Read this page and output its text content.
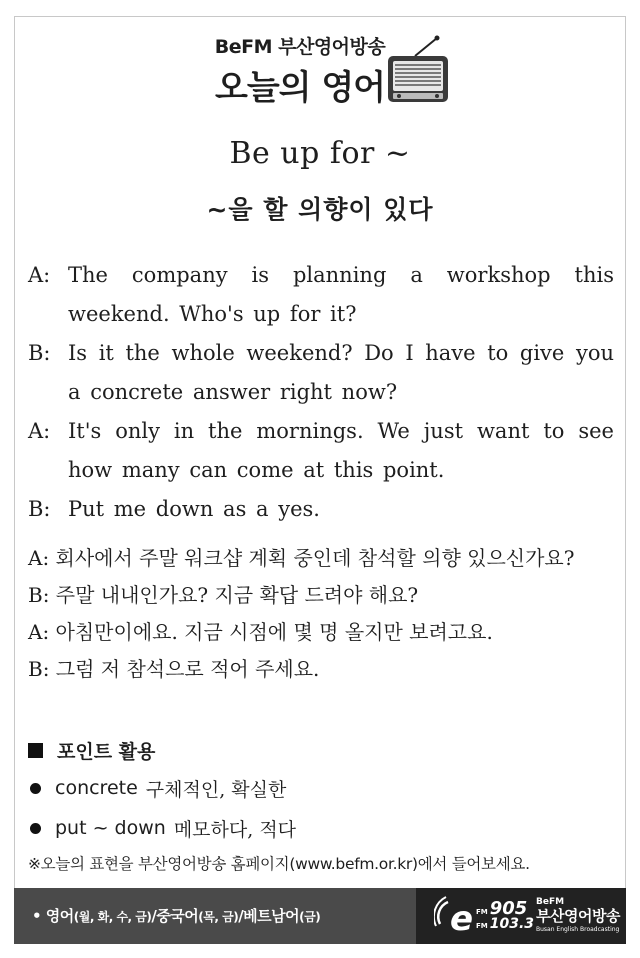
BeFM 부산영어방송
오늘의 영어
Be up for ~
~을 할 의향이 있다
A: The company is planning a workshop this weekend. Who's up for it?
B: Is it the whole weekend? Do I have to give you a concrete answer right now?
A: It's only in the mornings. We just want to see how many can come at this point.
B: Put me down as a yes.
A: 회사에서 주말 워크샵 계획 중인데 참석할 의향 있으신가요?
B: 주말 내내인가요? 지금 확답 드려야 해요?
A: 아침만이에요. 지금 시점에 몇 명 올지만 보려고요.
B: 그럼 저 참석으로 적어 주세요.
포인트 활용
concrete 구체적인, 확실한
put ~ down 메모하다, 적다
※오늘의 표현을 부산영어방송 홈페이지(www.befm.or.kr)에서 들어보세요.
• 영어(월, 화, 수, 금)/중국어(목, 금)/베트남어(금)	e FM 905
FM 103.3
BeFM
부산영어방송
Busan English Broadcasting
